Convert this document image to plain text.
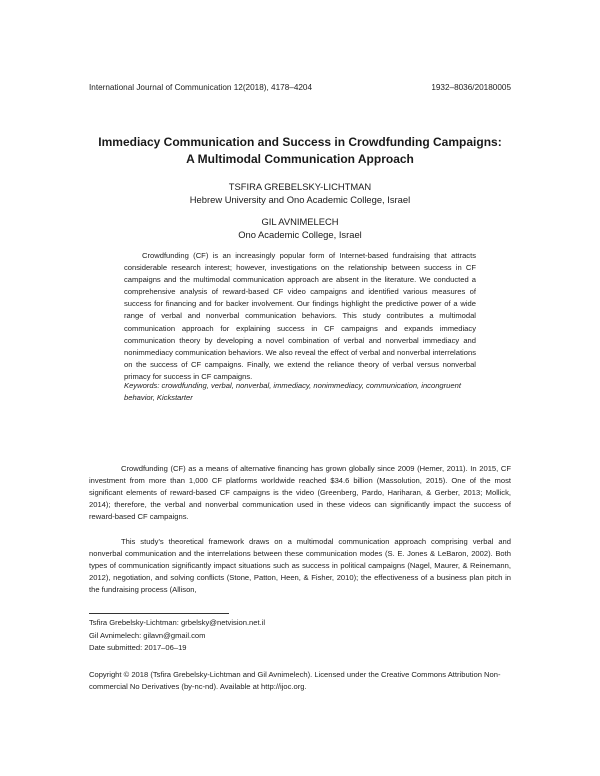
International Journal of Communication 12(2018), 4178–4204	1932–8036/20180005
Immediacy Communication and Success in Crowdfunding Campaigns:
A Multimodal Communication Approach
TSFIRA GREBELSKY-LICHTMAN
Hebrew University and Ono Academic College, Israel
GIL AVNIMELECH
Ono Academic College, Israel

Crowdfunding (CF) is an increasingly popular form of Internet-based fundraising that attracts considerable research interest; however, investigations on the relationship between success in CF campaigns and the multimodal communication approach are absent in the literature. We conducted a comprehensive analysis of reward-based CF video campaigns and identified various measures of success for financing and for backer involvement. Our findings highlight the predictive power of a wide range of verbal and nonverbal communication behaviors. This study contributes a multimodal communication approach for explaining success in CF campaigns and expands immediacy communication theory by developing a novel combination of verbal and nonverbal immediacy and nonimmediacy communication behaviors. We also reveal the effect of verbal and nonverbal interrelations on the success of CF campaigns. Finally, we extend the reliance theory of verbal versus nonverbal primacy for success in CF campaigns.

Keywords: crowdfunding, verbal, nonverbal, immediacy, nonimmediacy, communication, incongruent behavior, Kickstarter

Crowdfunding (CF) as a means of alternative financing has grown globally since 2009 (Hemer, 2011). In 2015, CF investment from more than 1,000 CF platforms worldwide reached $34.6 billion (Massolution, 2015). One of the most significant elements of reward-based CF campaigns is the video (Greenberg, Pardo, Hariharan, & Gerber, 2013; Mollick, 2014); therefore, the verbal and nonverbal communication used in these videos can significantly impact the success of reward-based CF campaigns.

This study's theoretical framework draws on a multimodal communication approach comprising verbal and nonverbal communication and the interrelations between these communication modes (S. E. Jones & LeBaron, 2002). Both types of communication significantly impact situations such as success in political campaigns (Nagel, Maurer, & Reinemann, 2012), negotiation, and solving conflicts (Stone, Patton, Heen, & Fisher, 2010); the effectiveness of a business plan pitch in the fundraising process (Allison,

Tsfira Grebelsky-Lichtman: grbelsky@netvision.net.il
Gil Avnimelech: gilavn@gmail.com
Date submitted: 2017–06–19
Copyright © 2018 (Tsfira Grebelsky-Lichtman and Gil Avnimelech). Licensed under the Creative Commons Attribution Non-commercial No Derivatives (by-nc-nd). Available at http://ijoc.org.
